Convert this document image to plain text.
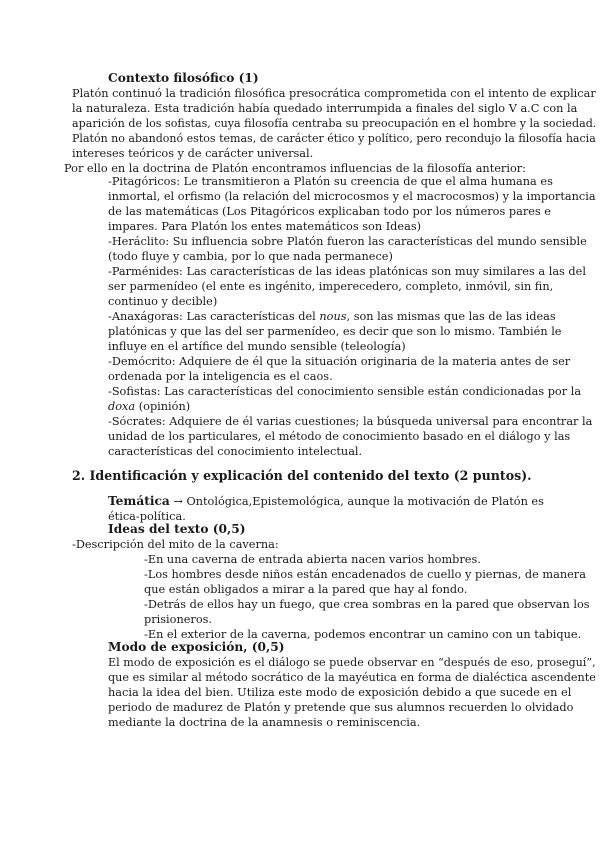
Contexto filosófico (1)
Platón continuó la tradición filosófica presocrática comprometida con el intento de explicar
la naturaleza. Esta tradición había quedado interrumpida a finales del siglo V a.C con la
aparición de los sofistas, cuya filosofía centraba su preocupación en el hombre y la sociedad.
Platón no abandonó estos temas, de carácter ético y político, pero recondujo la filosofía hacia
intereses teóricos y de carácter universal.
Por ello en la doctrina de Platón encontramos influencias de la filosofía anterior:
-Pitagóricos: Le transmitieron a Platón su creencia de que el alma humana es
inmortal, el orfismo (la relación del microcosmos y el macrocosmos) y la importancia
de las matemáticas (Los Pitagóricos explicaban todo por los números pares e
impares. Para Platón los entes matemáticos son Ideas)
-Heráclito: Su influencia sobre Platón fueron las características del mundo sensible
(todo fluye y cambia, por lo que nada permanece)
-Parménides: Las características de las ideas platónicas son muy similares a las del
ser parmenídeo (el ente es ingénito, imperecedero, completo, inmóvil, sin fin,
continuo y decible)
-Anaxágoras: Las características del nous, son las mismas que las de las ideas
platónicas y que las del ser parmenídeo, es decir que son lo mismo. También le
influye en el artífice del mundo sensible (teleología)
-Demócrito: Adquiere de él que la situación originaria de la materia antes de ser
ordenada por la inteligencia es el caos.
-Sofistas: Las características del conocimiento sensible están condicionadas por la
doxa (opinión)
-Sócrates: Adquiere de él varias cuestiones; la búsqueda universal para encontrar la
unidad de los particulares, el método de conocimiento basado en el diálogo y las
características del conocimiento intelectual.
2. Identificación y explicación del contenido del texto (2 puntos).
Temática → Ontológica,Epistemológica, aunque la motivación de Platón es
ética-política.
Ideas del texto (0,5)
-Descripción del mito de la caverna:
-En una caverna de entrada abierta nacen varios hombres.
-Los hombres desde niños están encadenados de cuello y piernas, de manera
que están obligados a mirar a la pared que hay al fondo.
-Detrás de ellos hay un fuego, que crea sombras en la pared que observan los
prisioneros.
-En el exterior de la caverna, podemos encontrar un camino con un tabique.
Modo de exposición, (0,5)
El modo de exposición es el diálogo se puede observar en “después de eso, proseguí”,
que es similar al método socrático de la mayéutica en forma de dialéctica ascendente
hacia la idea del bien. Utiliza este modo de exposición debido a que sucede en el
periodo de madurez de Platón y pretende que sus alumnos recuerden lo olvidado
mediante la doctrina de la anamnesis o reminiscencia.
